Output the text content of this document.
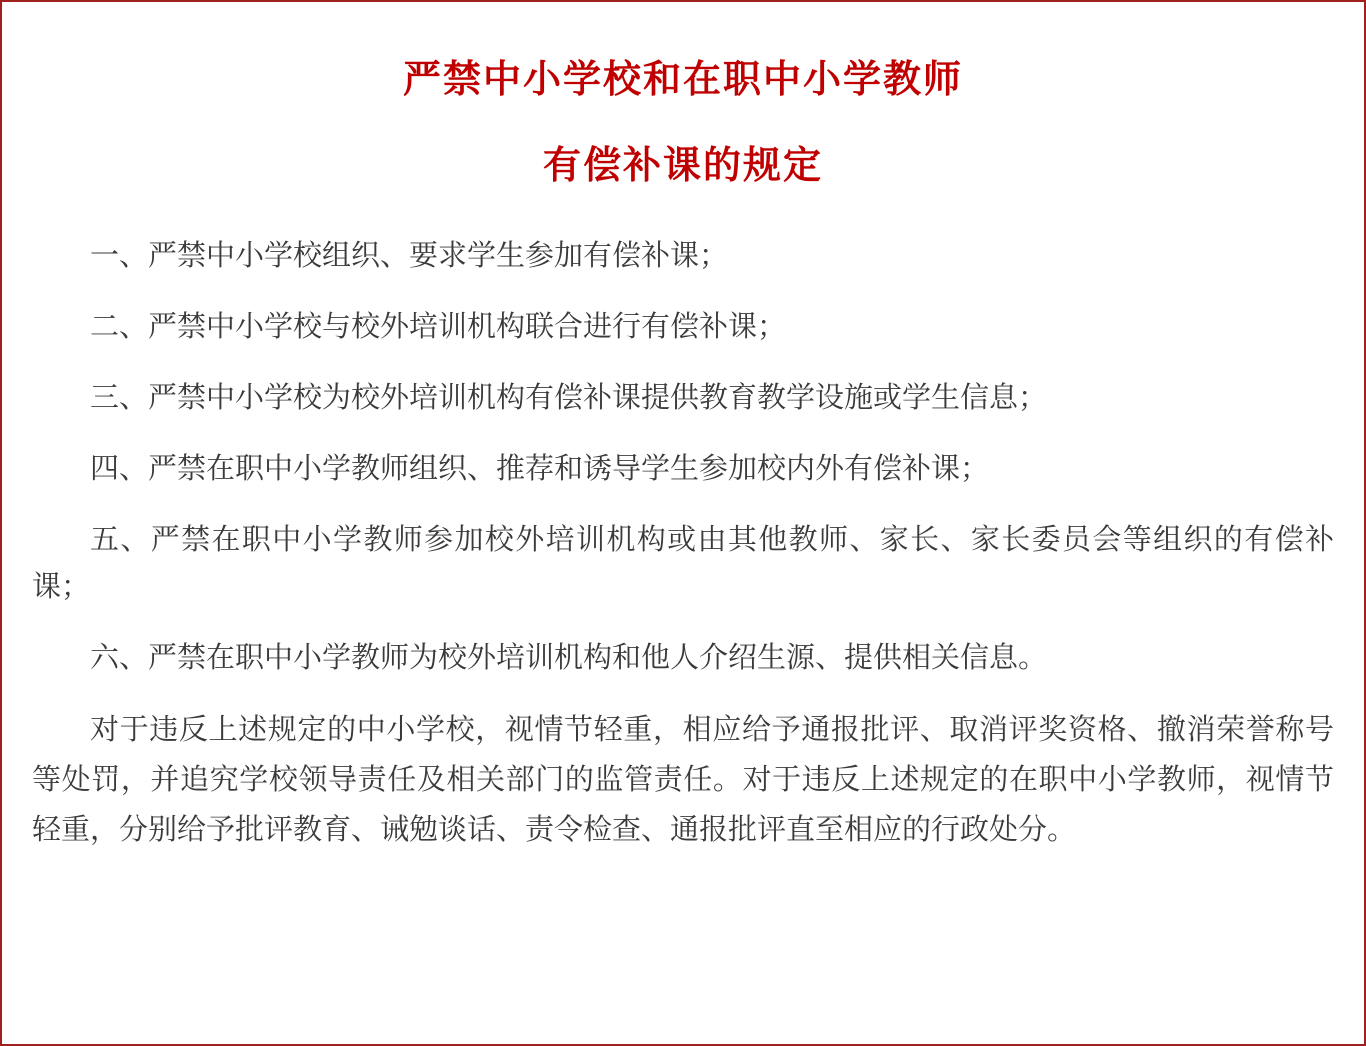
严禁中小学校和在职中小学教师
有偿补课的规定

一、严禁中小学校组织、要求学生参加有偿补课；

二、严禁中小学校与校外培训机构联合进行有偿补课；

三、严禁中小学校为校外培训机构有偿补课提供教育教学设施或学生信息；

四、严禁在职中小学教师组织、推荐和诱导学生参加校内外有偿补课；

五、严禁在职中小学教师参加校外培训机构或由其他教师、家长、家长委员会等组织的有偿补课；

六、严禁在职中小学教师为校外培训机构和他人介绍生源、提供相关信息。

对于违反上述规定的中小学校，视情节轻重，相应给予通报批评、取消评奖资格、撤消荣誉称号等处罚，并追究学校领导责任及相关部门的监管责任。对于违反上述规定的在职中小学教师，视情节轻重，分别给予批评教育、诫勉谈话、责令检查、通报批评直至相应的行政处分。
